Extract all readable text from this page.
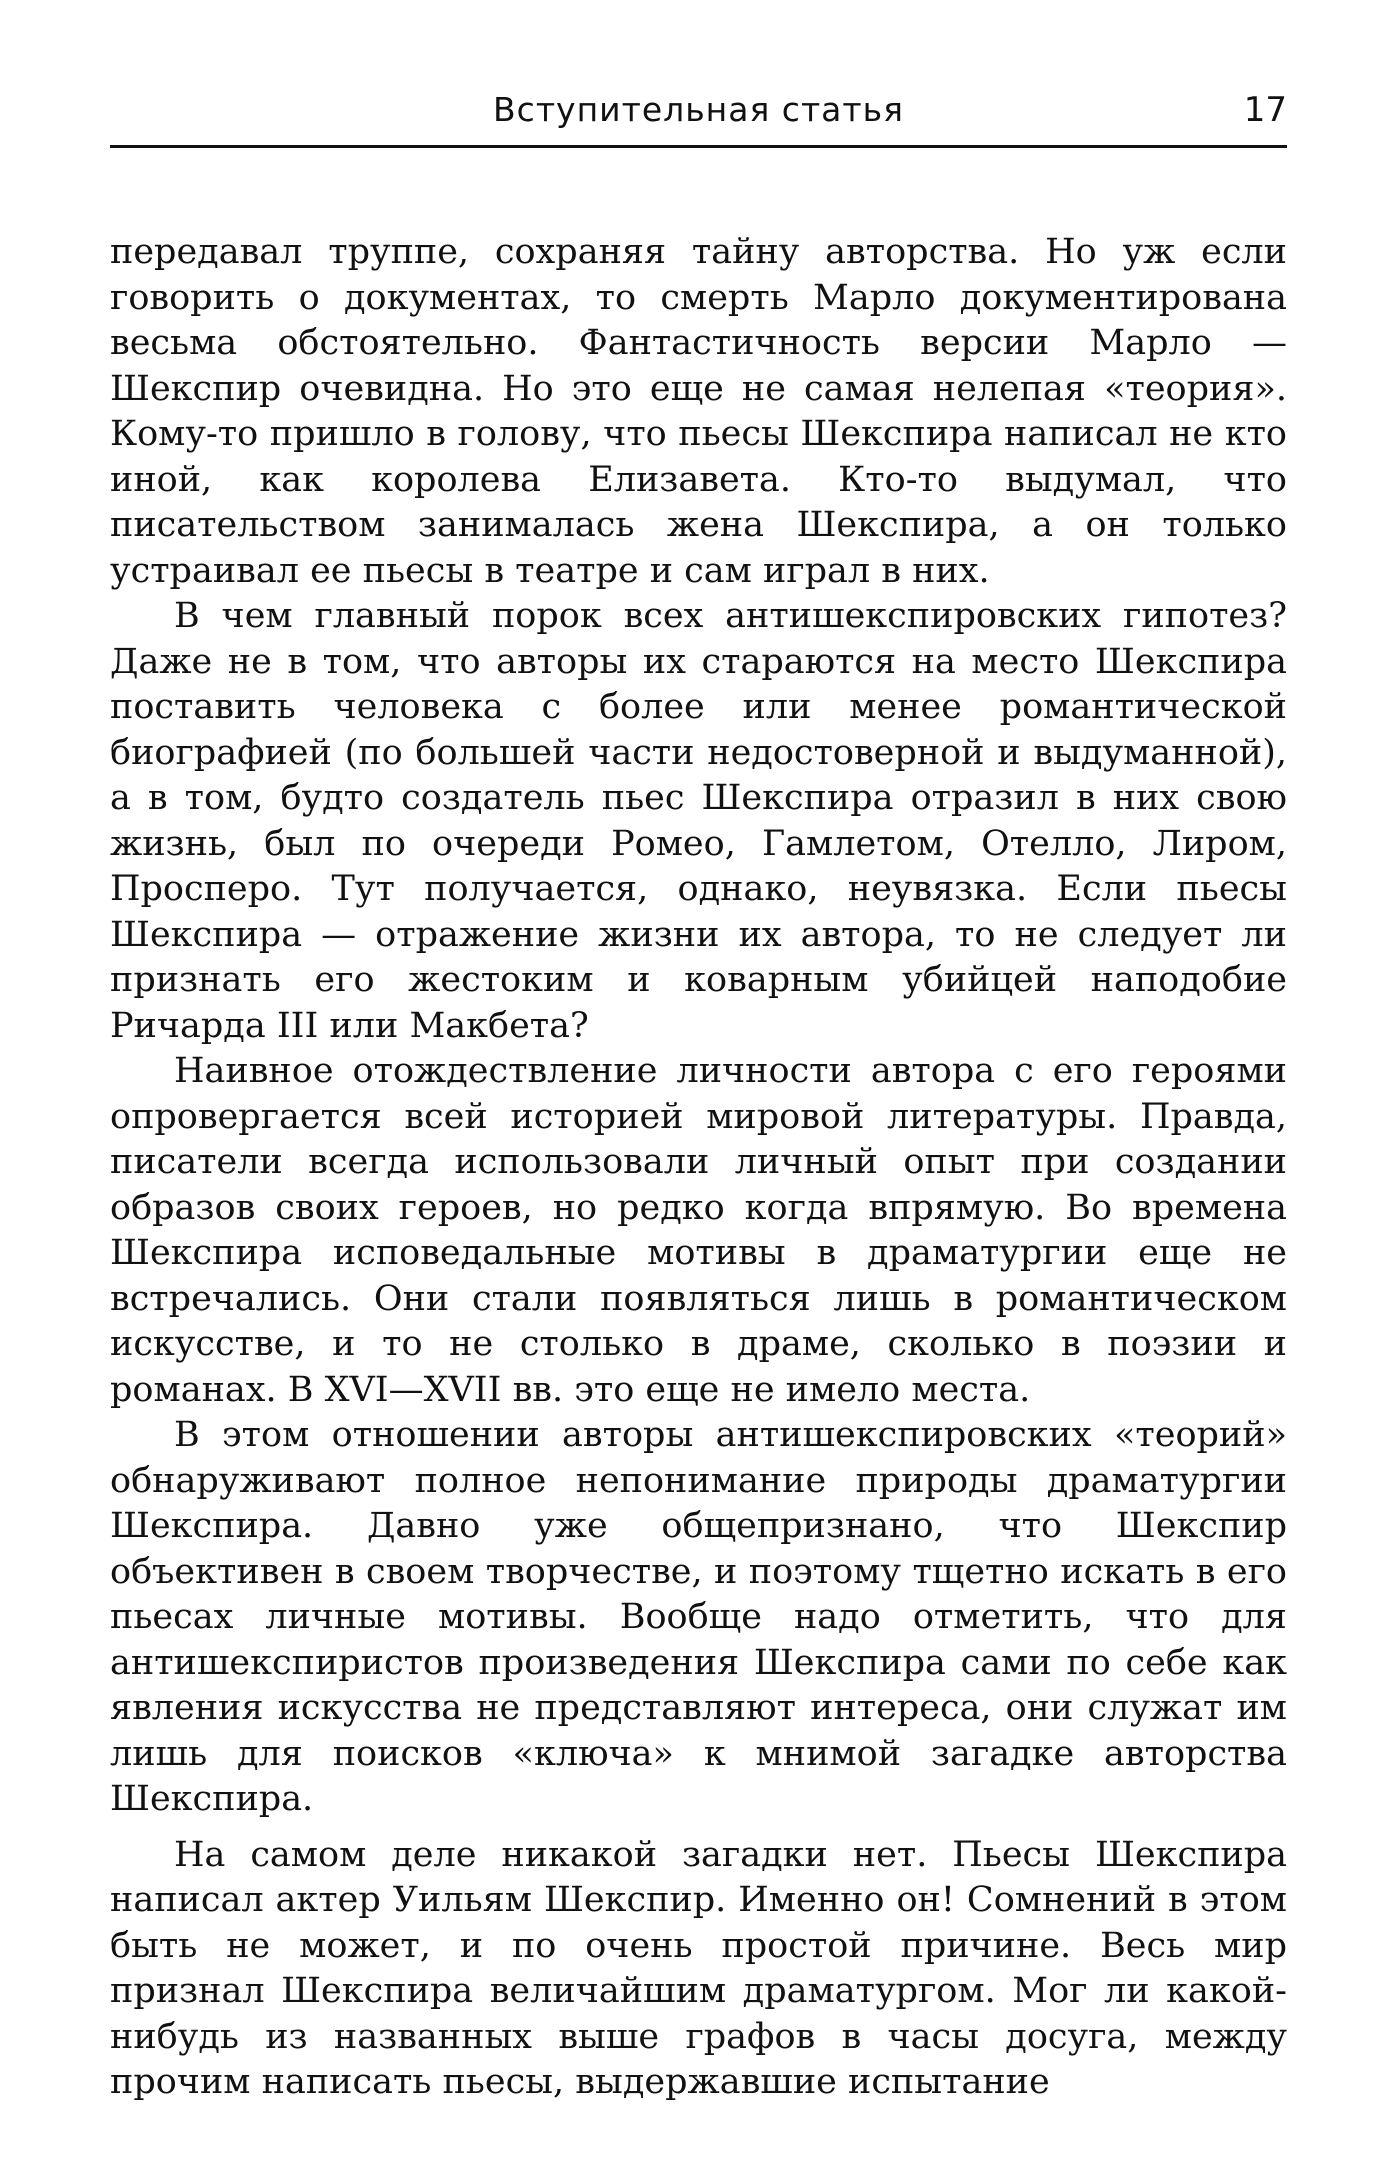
Вступительная статья	17

передавал труппе, сохраняя тайну авторства. Но уж если говорить о документах, то смерть Марло документирована весьма обстоятельно. Фантастичность версии Марло — Шекспир очевидна. Но это еще не самая нелепая «теория». Кому-то пришло в голову, что пьесы Шекспира написал не кто иной, как королева Елизавета. Кто-то выдумал, что писательством занималась жена Шекспира, а он только устраивал ее пьесы в театре и сам играл в них.

В чем главный порок всех антишекспировских гипотез? Даже не в том, что авторы их стараются на место Шекспира поставить человека с более или менее романтической биографией (по большей части недостоверной и выдуманной), а в том, будто создатель пьес Шекспира отразил в них свою жизнь, был по очереди Ромео, Гамлетом, Отелло, Лиром, Просперо. Тут получается, однако, неувязка. Если пьесы Шекспира — отражение жизни их автора, то не следует ли признать его жестоким и коварным убийцей наподобие Ричарда III или Макбета?

Наивное отождествление личности автора с его героями опровергается всей историей мировой литературы. Правда, писатели всегда использовали личный опыт при создании образов своих героев, но редко когда впрямую. Во времена Шекспира исповедальные мотивы в драматургии еще не встречались. Они стали появляться лишь в романтическом искусстве, и то не столько в драме, сколько в поэзии и романах. В XVI—XVII вв. это еще не имело места.

В этом отношении авторы антишекспировских «теорий» обнаруживают полное непонимание природы драматургии Шекспира. Давно уже общепризнано, что Шекспир объективен в своем творчестве, и поэтому тщетно искать в его пьесах личные мотивы. Вообще надо отметить, что для антишекспиристов произведения Шекспира сами по себе как явления искусства не представляют интереса, они служат им лишь для поисков «ключа» к мнимой загадке авторства Шекспира.

На самом деле никакой загадки нет. Пьесы Шекспира написал актер Уильям Шекспир. Именно он! Сомнений в этом быть не может, и по очень простой причине. Весь мир признал Шекспира величайшим драматургом. Мог ли какой-нибудь из названных выше графов в часы досуга, между прочим написать пьесы, выдержавшие испытание
